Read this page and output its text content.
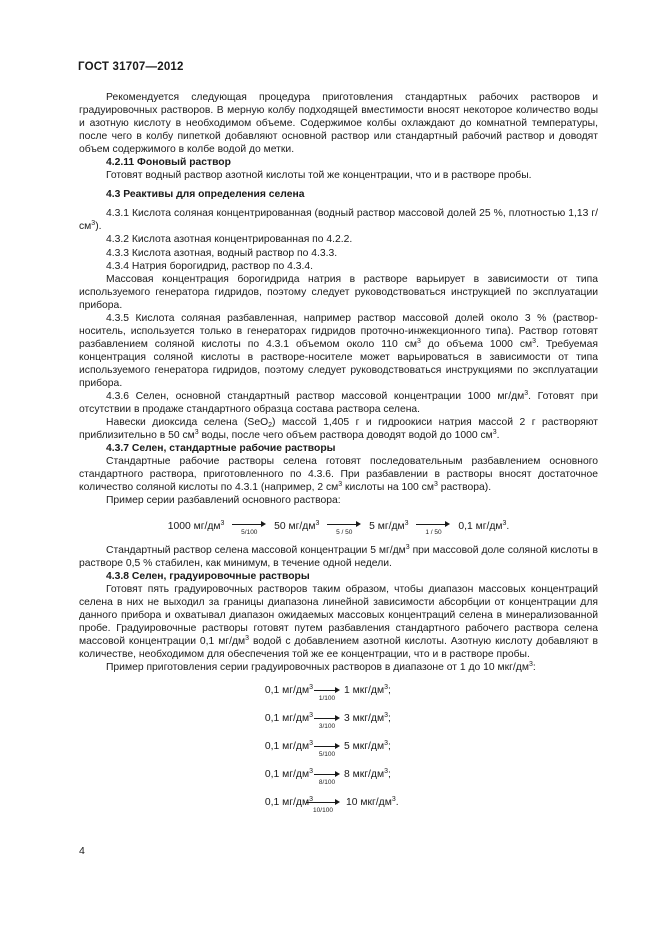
ГОСТ 31707—2012

Рекомендуется следующая процедура приготовления стандартных рабочих растворов и градуировочных растворов. В мерную колбу подходящей вместимости вносят некоторое количество воды и азотную кислоту в необходимом объеме. Содержимое колбы охлаждают до комнатной температуры, после чего в колбу пипеткой добавляют основной раствор или стандартный рабочий раствор и доводят объем содержимого в колбе водой до метки.

4.2.11 Фоновый раствор

Готовят водный раствор азотной кислоты той же концентрации, что и в растворе пробы.

4.3 Реактивы для определения селена

4.3.1 Кислота соляная концентрированная (водный раствор массовой долей 25 %, плотностью 1,13 $г/см^3$).

4.3.2 Кислота азотная концентрированная по 4.2.2.

4.3.3 Кислота азотная, водный раствор по 4.3.3.

4.3.4 Натрия борогидрид, раствор по 4.3.4.

Массовая концентрация борогидрида натрия в растворе варьирует в зависимости от типа используемого генератора гидридов, поэтому следует руководствоваться инструкцией по эксплуатации прибора.

4.3.5 Кислота соляная разбавленная, например раствор массовой долей около 3 % (раствор-носитель, используется только в генераторах гидридов проточно-инжекционного типа). Раствор готовят разбавлением соляной кислоты по 4.3.1 объемом около 110 $см^3$ до объема 1000 $см^3$. Требуемая концентрация соляной кислоты в растворе-носителе может варьироваться в зависимости от типа используемого генератора гидридов, поэтому следует руководствоваться инструкциями по эксплуатации прибора.

4.3.6 Селен, основной стандартный раствор массовой концентрации 1000 $мг/дм^3$. Готовят при отсутствии в продаже стандартного образца состава раствора селена.

Навески диоксида селена (SeO$_2$) массой 1,405 г и гидроокиси натрия массой 2 г растворяют приблизительно в 50 $см^3$ воды, после чего объем раствора доводят водой до 1000 $см^3$.

4.3.7 Селен, стандартные рабочие растворы

Стандартные рабочие растворы селена готовят последовательным разбавлением основного стандартного раствора, приготовленного по 4.3.6. При разбавлении в растворы вносят достаточное количество соляной кислоты по 4.3.1 (например, 2 $см^3$ кислоты на 100 $см^3$ раствора).

Пример серии разбавлений основного раствора:

1000 $мг/дм^3$
5/100
50 $мг/дм^3$
5 / 50
5 $мг/дм^3$
1 / 50
0,1 $мг/дм^3$.

Стандартный раствор селена массовой концентрации 5 $мг/дм^3$ при массовой доле соляной кислоты в растворе 0,5 % стабилен, как минимум, в течение одной недели.

4.3.8 Селен, градуировочные растворы

Готовят пять градуировочных растворов таким образом, чтобы диапазон массовых концентраций селена в них не выходил за границы диапазона линейной зависимости абсорбции от концентрации для данного прибора и охватывал диапазон ожидаемых массовых концентраций селена в минерализованной пробе. Градуировочные растворы готовят путем разбавления стандартного рабочего раствора селена массовой концентрации 0,1 $мг/дм^3$ водой с добавлением азотной кислоты. Азотную кислоту добавляют в количестве, необходимом для обеспечения той же ее концентрации, что и в растворе пробы.

Пример приготовления серии градуировочных растворов в диапазоне от 1 до 10 мкг/$дм^3$:

0,1 $мг/дм^3$
1/100
1 мкг/$дм^3$;
0,1 $мг/дм^3$
3/100
3 мкг/$дм^3$;
0,1 $мг/дм^3$
5/100
5 мкг/$дм^3$;
0,1 $мг/дм^3$
8/100
8 мкг/$дм^3$;
0,1 $мг/дм^3$
10/100
10 мкг/$дм^3$.
4
